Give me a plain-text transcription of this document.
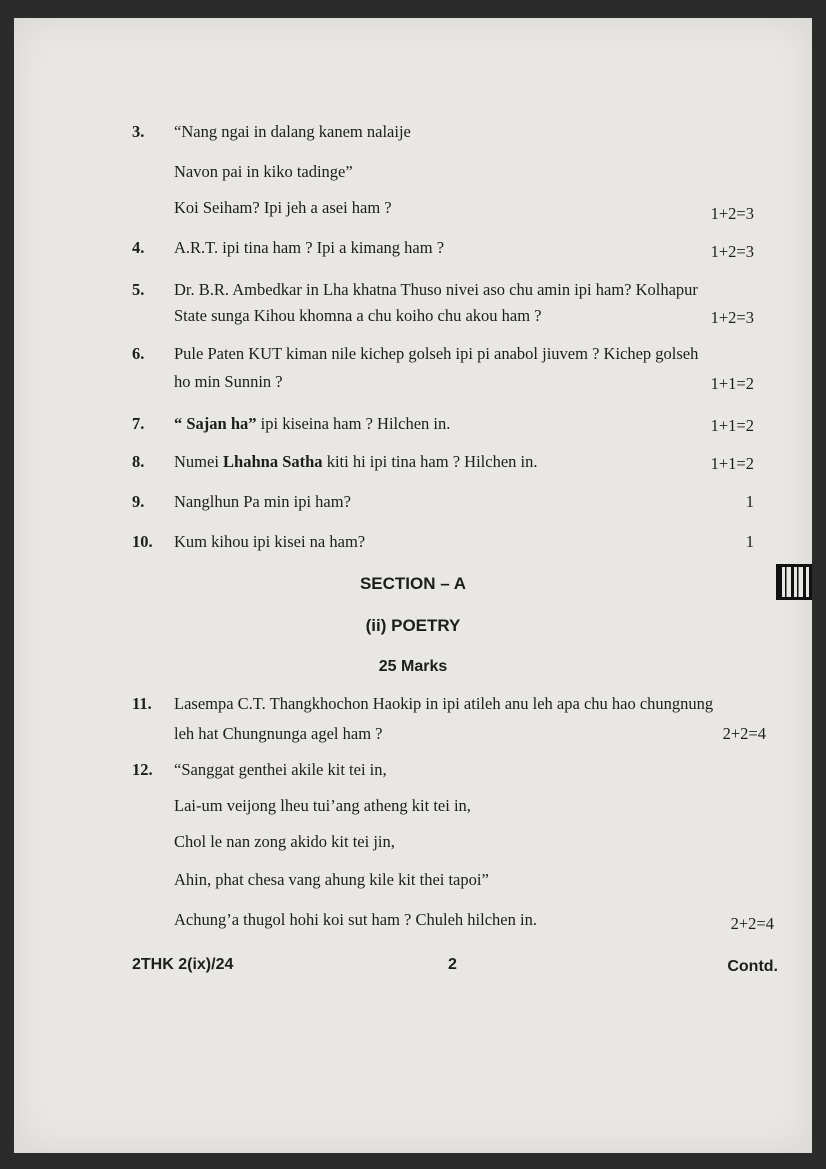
3. “Nang ngai in dalang kanem nalaije
Navon pai in kiko tadinge”
Koi Seiham? Ipi jeh a asei ham ?	1+2=3
4. A.R.T. ipi tina ham ? Ipi a kimang ham ?	1+2=3
5. Dr. B.R. Ambedkar in Lha khatna Thuso nivei aso chu amin ipi ham? Kolhapur
State sunga Kihou khomna a chu koiho chu akou ham ?	1+2=3
6. Pule Paten KUT kiman nile kichep golseh ipi pi anabol jiuvem ? Kichep golseh
ho min Sunnin ?	1+1=2
7. “ Sajan ha” ipi kiseina ham ? Hilchen in.	1+1=2
8. Numei Lhahna Satha kiti hi ipi tina ham ? Hilchen in.	1+1=2
9. Nanglhun Pa min ipi ham?	1
10. Kum kihou ipi kisei na ham?	1
SECTION – A
(ii) POETRY
25 Marks
11. Lasempa C.T. Thangkhochon Haokip in ipi atileh anu leh apa chu hao chungnung
leh hat Chungnunga agel ham ?	2+2=4
12. “Sanggat genthei akile kit tei in,
Lai-um veijong lheu tui’ang atheng kit tei in,
Chol le nan zong akido kit tei jin,
Ahin, phat chesa vang ahung kile kit thei tapoi”
Achung’a thugol hohi koi sut ham ? Chuleh hilchen in.	2+2=4
2THK 2(ix)/24	2	Contd.
